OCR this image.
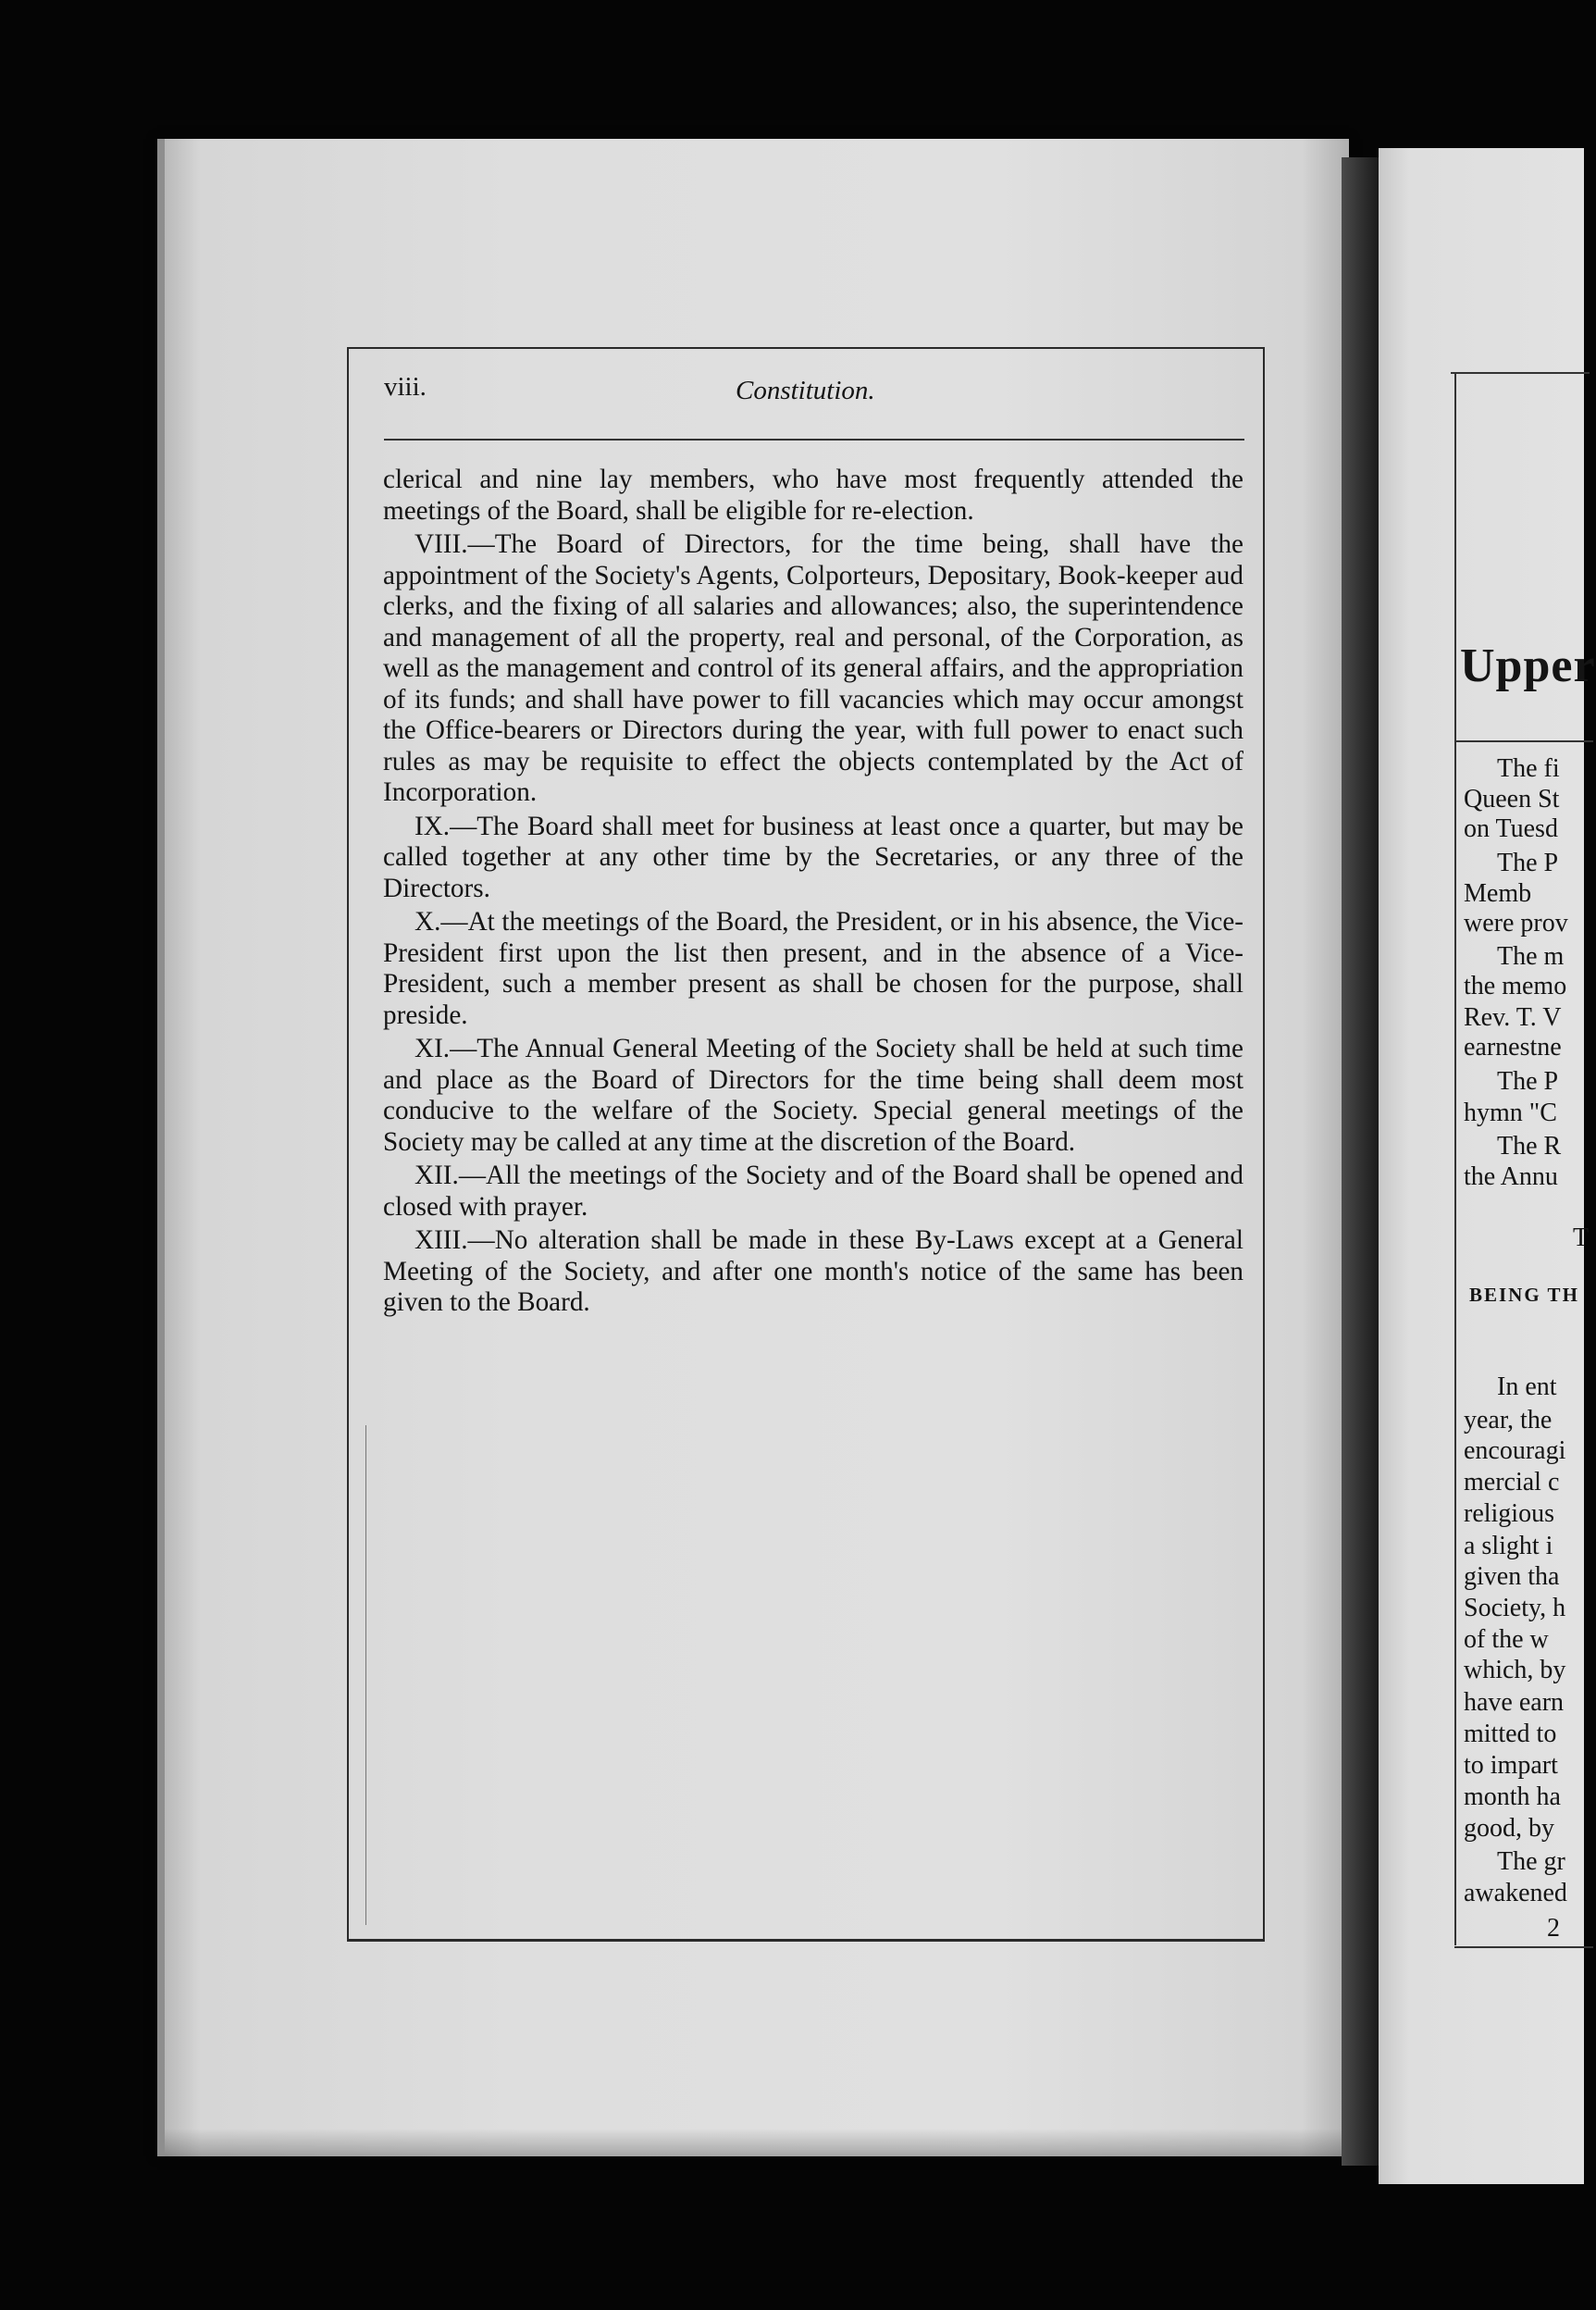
viii.	Constitution.

clerical and nine lay members, who have most frequently attended the meetings of the Board, shall be eligible for re-election.

VIII.—The Board of Directors, for the time being, shall have the appointment of the Society's Agents, Colporteurs, Depositary, Book-keeper aud clerks, and the fixing of all salaries and allowances; also, the superintendence and management of all the property, real and personal, of the Corporation, as well as the management and control of its general affairs, and the appropriation of its funds; and shall have power to fill vacancies which may occur amongst the Office-bearers or Directors during the year, with full power to enact such rules as may be requisite to effect the objects contemplated by the Act of Incorporation.

IX.—The Board shall meet for business at least once a quarter, but may be called together at any other time by the Secretaries, or any three of the Directors.

X.—At the meetings of the Board, the President, or in his absence, the Vice-President first upon the list then present, and in the absence of a Vice-President, such a member present as shall be chosen for the purpose, shall preside.

XI.—The Annual General Meeting of the Society shall be held at such time and place as the Board of Directors for the time being shall deem most conducive to the welfare of the Society. Special general meetings of the Society may be called at any time at the discretion of the Board.

XII.—All the meetings of the Society and of the Board shall be opened and closed with prayer.

XIII.—No alteration shall be made in these By-Laws except at a General Meeting of the Society, and after one month's notice of the same has been given to the Board.

Upper
The fi
Queen St
on Tuesd
The P
Memb
were prov
The m
the memo
Rev. T. V
earnestne
The P
hymn "C
The R
the Annu
T
BEING TH
In ent
year, the
encouragi
mercial c
religious
a slight i
given tha
Society, h
of the w
which, by
have earn
mitted to
to impart
month ha
good, by
The gr
awakened
2
